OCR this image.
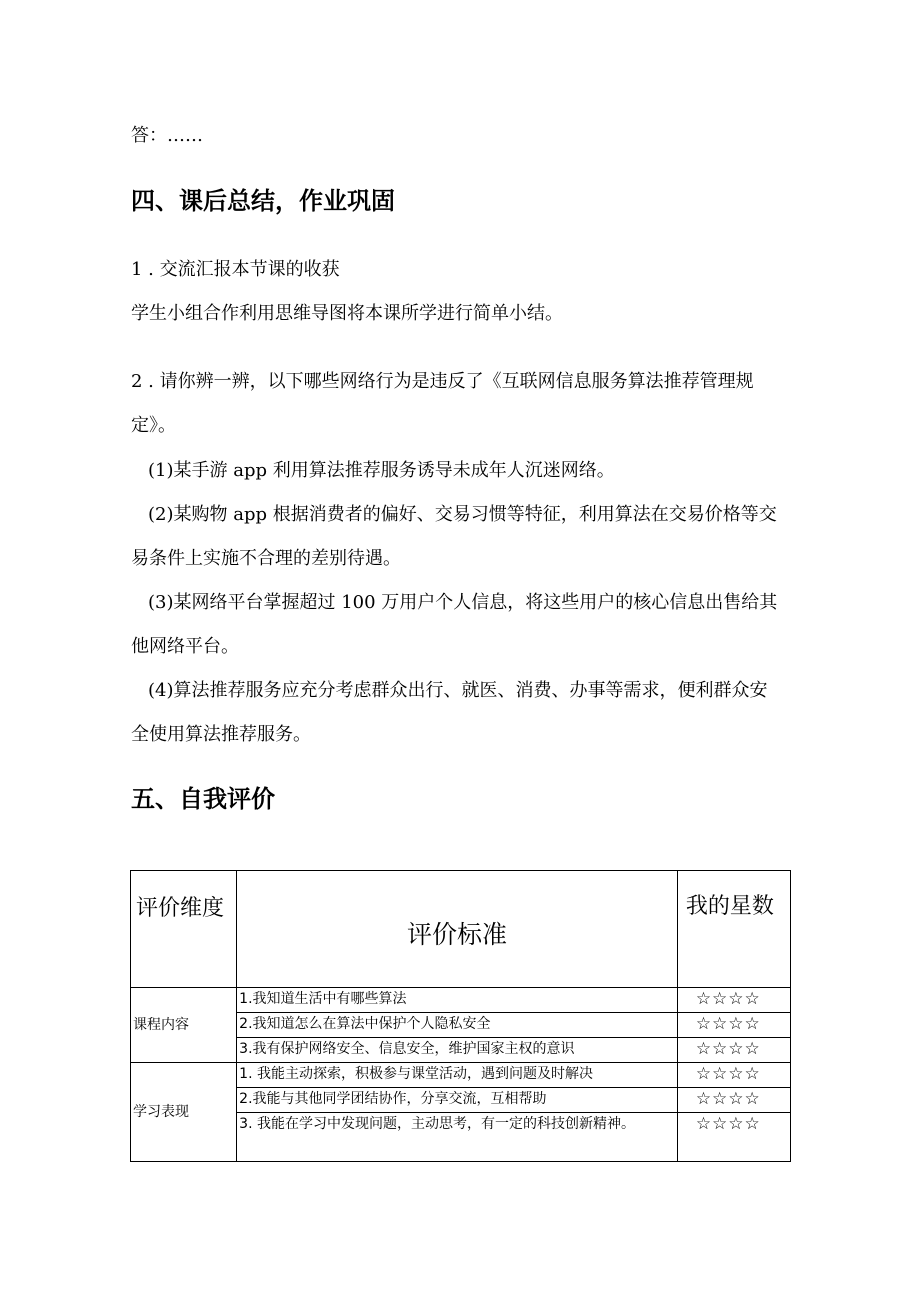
答：……
四、课后总结，作业巩固
1 . 交流汇报本节课的收获
学生小组合作利用思维导图将本课所学进行简单小结。
2 . 请你辨一辨，以下哪些网络行为是违反了《互联网信息服务算法推荐管理规
定》。
(1)某手游 app 利用算法推荐服务诱导未成年人沉迷网络。
(2)某购物 app 根据消费者的偏好、交易习惯等特征，利用算法在交易价格等交
易条件上实施不合理的差别待遇。
(3)某网络平台掌握超过 100 万用户个人信息，将这些用户的核心信息出售给其
他网络平台。
(4)算法推荐服务应充分考虑群众出行、就医、消费、办事等需求，便利群众安
全使用算法推荐服务。
五、自我评价
评价维度	评价标准	我的星数
课程内容	1.我知道生活中有哪些算法	☆☆☆☆
	2.我知道怎么在算法中保护个人隐私安全	☆☆☆☆
	3.我有保护网络安全、信息安全，维护国家主权的意识	☆☆☆☆
学习表现	1. 我能主动探索，积极参与课堂活动，遇到问题及时解决	☆☆☆☆
	2.我能与其他同学团结协作，分享交流，互相帮助	☆☆☆☆
	3. 我能在学习中发现问题，主动思考，有一定的科技创新精神。	☆☆☆☆
